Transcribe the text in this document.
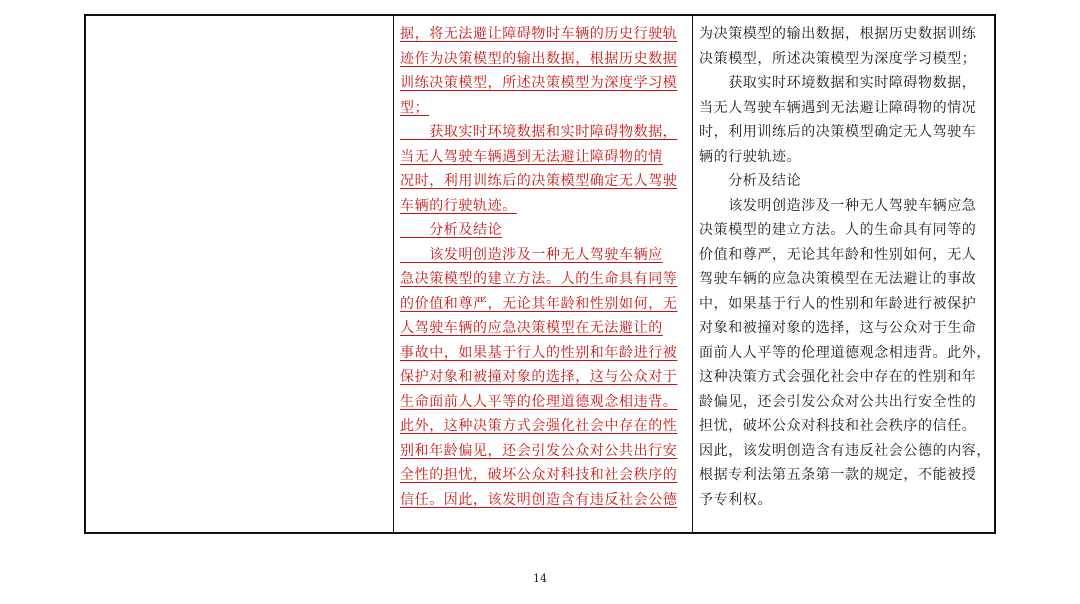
据，将无法避让障碍物时车辆的历史行驶轨
迹作为决策模型的输出数据，根据历史数据
训练决策模型，所述决策模型为深度学习模
型；
　　获取实时环境数据和实时障碍物数据，
当无人驾驶车辆遇到无法避让障碍物的情
况时，利用训练后的决策模型确定无人驾驶
车辆的行驶轨迹。
　　分析及结论
　　该发明创造涉及一种无人驾驶车辆应
急决策模型的建立方法。人的生命具有同等
的价值和尊严，无论其年龄和性别如何，无
人驾驶车辆的应急决策模型在无法避让的
事故中，如果基于行人的性别和年龄进行被
保护对象和被撞对象的选择，这与公众对于
生命面前人人平等的伦理道德观念相违背。
此外，这种决策方式会强化社会中存在的性
别和年龄偏见，还会引发公众对公共出行安
全性的担忧，破坏公众对科技和社会秩序的
信任。因此，该发明创造含有违反社会公德
为决策模型的输出数据，根据历史数据训练
决策模型，所述决策模型为深度学习模型；
　　获取实时环境数据和实时障碍物数据，
当无人驾驶车辆遇到无法避让障碍物的情况
时，利用训练后的决策模型确定无人驾驶车
辆的行驶轨迹。
　　分析及结论
　　该发明创造涉及一种无人驾驶车辆应急
决策模型的建立方法。人的生命具有同等的
价值和尊严，无论其年龄和性别如何，无人
驾驶车辆的应急决策模型在无法避让的事故
中，如果基于行人的性别和年龄进行被保护
对象和被撞对象的选择，这与公众对于生命
面前人人平等的伦理道德观念相违背。此外，
这种决策方式会强化社会中存在的性别和年
龄偏见，还会引发公众对公共出行安全性的
担忧，破坏公众对科技和社会秩序的信任。
因此，该发明创造含有违反社会公德的内容，
根据专利法第五条第一款的规定，不能被授
予专利权。
14
